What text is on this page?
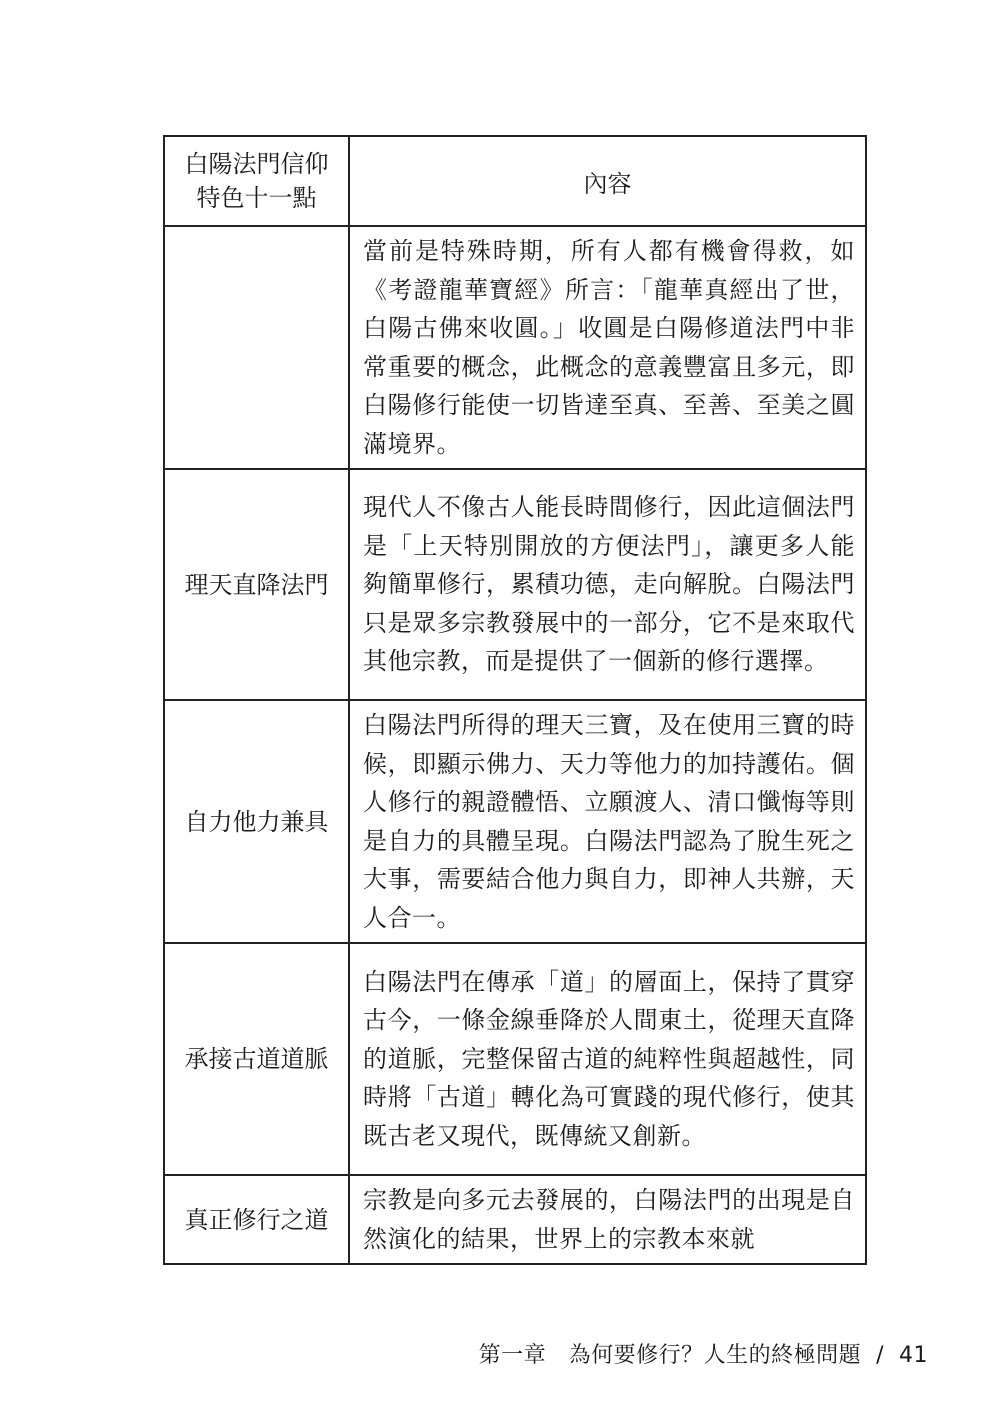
白陽法門信仰
特色十一點	內容
	當前是特殊時期，所有人都有機會得救，如《考證龍華寶經》所言：「龍華真經出了世，白陽古佛來收圓。」收圓是白陽修道法門中非常重要的概念，此概念的意義豐富且多元，即白陽修行能使一切皆達至真、至善、至美之圓滿境界。
理天直降法門	現代人不像古人能長時間修行，因此這個法門是「上天特別開放的方便法門」，讓更多人能夠簡單修行，累積功德，走向解脫。白陽法門只是眾多宗教發展中的一部分，它不是來取代其他宗教，而是提供了一個新的修行選擇。
自力他力兼具	白陽法門所得的理天三寶，及在使用三寶的時候，即顯示佛力、天力等他力的加持護佑。個人修行的親證體悟、立願渡人、清口懺悔等則是自力的具體呈現。白陽法門認為了脫生死之大事，需要結合他力與自力，即神人共辦，天人合一。
承接古道道脈	白陽法門在傳承「道」的層面上，保持了貫穿古今，一條金線垂降於人間東土，從理天直降的道脈，完整保留古道的純粹性與超越性，同時將「古道」轉化為可實踐的現代修行，使其既古老又現代，既傳統又創新。
真正修行之道	宗教是向多元去發展的，白陽法門的出現是自然演化的結果，世界上的宗教本來就
第一章 為何要修行？人生的終極問題 / 41
